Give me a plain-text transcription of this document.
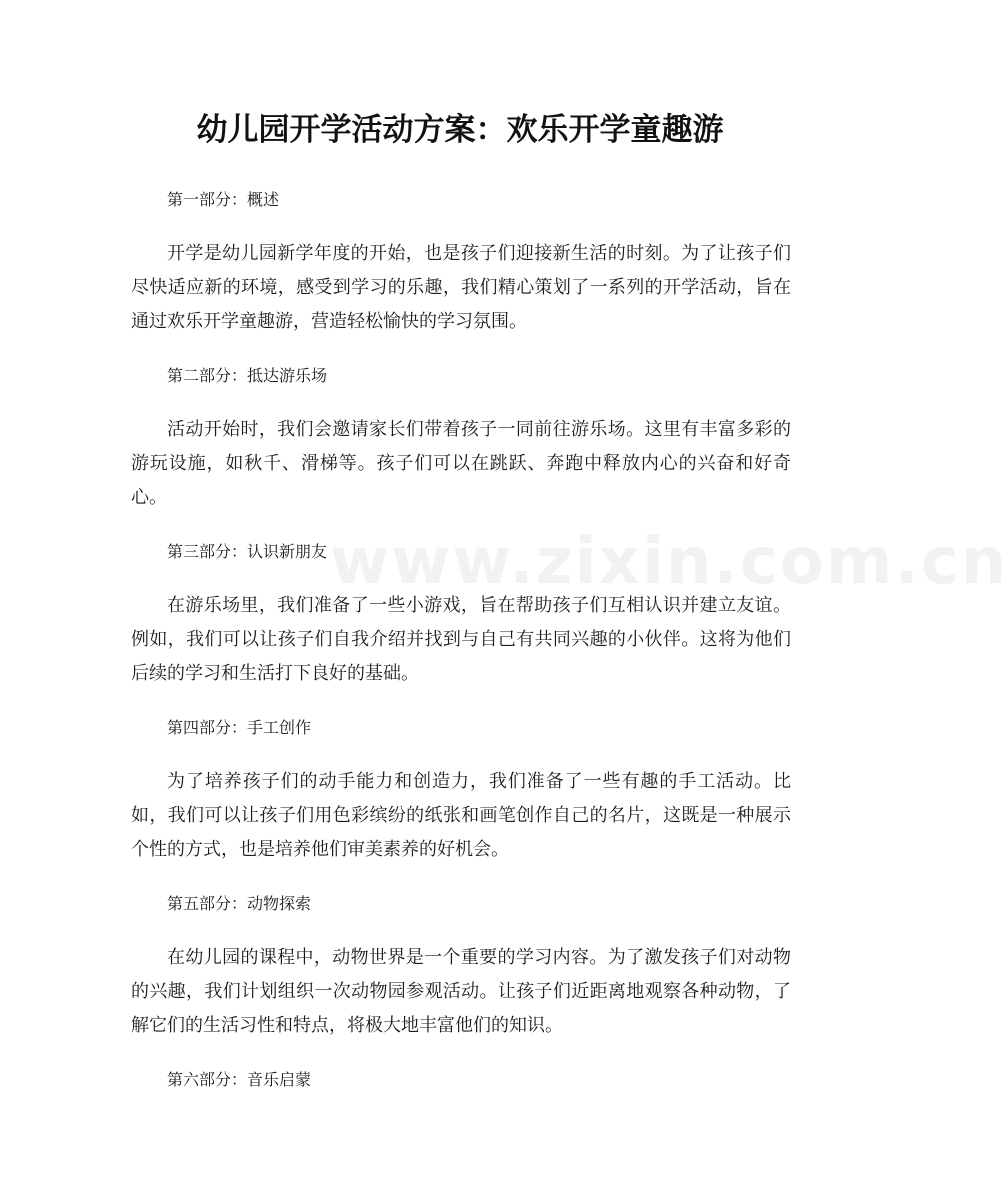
www.zixin.com.cn
幼儿园开学活动方案：欢乐开学童趣游

第一部分：概述

开学是幼儿园新学年度的开始，也是孩子们迎接新生活的时刻。为了让孩子们尽快适应新的环境，感受到学习的乐趣，我们精心策划了一系列的开学活动，旨在通过欢乐开学童趣游，营造轻松愉快的学习氛围。

第二部分：抵达游乐场

活动开始时，我们会邀请家长们带着孩子一同前往游乐场。这里有丰富多彩的游玩设施，如秋千、滑梯等。孩子们可以在跳跃、奔跑中释放内心的兴奋和好奇心。

第三部分：认识新朋友

在游乐场里，我们准备了一些小游戏，旨在帮助孩子们互相认识并建立友谊。例如，我们可以让孩子们自我介绍并找到与自己有共同兴趣的小伙伴。这将为他们后续的学习和生活打下良好的基础。

第四部分：手工创作

为了培养孩子们的动手能力和创造力，我们准备了一些有趣的手工活动。比如，我们可以让孩子们用色彩缤纷的纸张和画笔创作自己的名片，这既是一种展示个性的方式，也是培养他们审美素养的好机会。

第五部分：动物探索

在幼儿园的课程中，动物世界是一个重要的学习内容。为了激发孩子们对动物的兴趣，我们计划组织一次动物园参观活动。让孩子们近距离地观察各种动物，了解它们的生活习性和特点，将极大地丰富他们的知识。

第六部分：音乐启蒙
